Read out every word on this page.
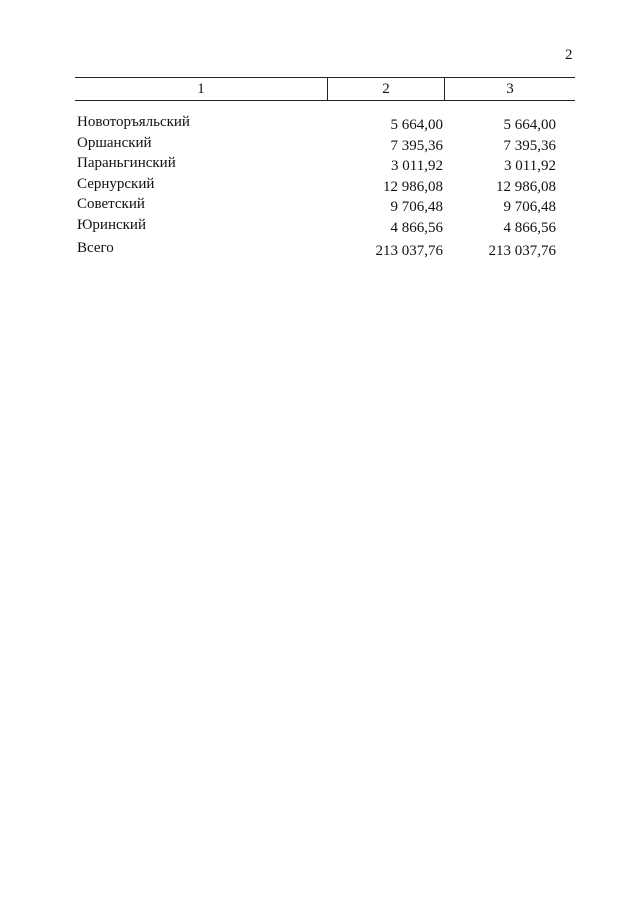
2
1	2	3
Новоторъяльский	5 664,00	5 664,00
Оршанский	7 395,36	7 395,36
Параньгинский	3 011,92	3 011,92
Сернурский	12 986,08	12 986,08
Советский	9 706,48	9 706,48
Юринский	4 866,56	4 866,56
Всего	213 037,76	213 037,76
